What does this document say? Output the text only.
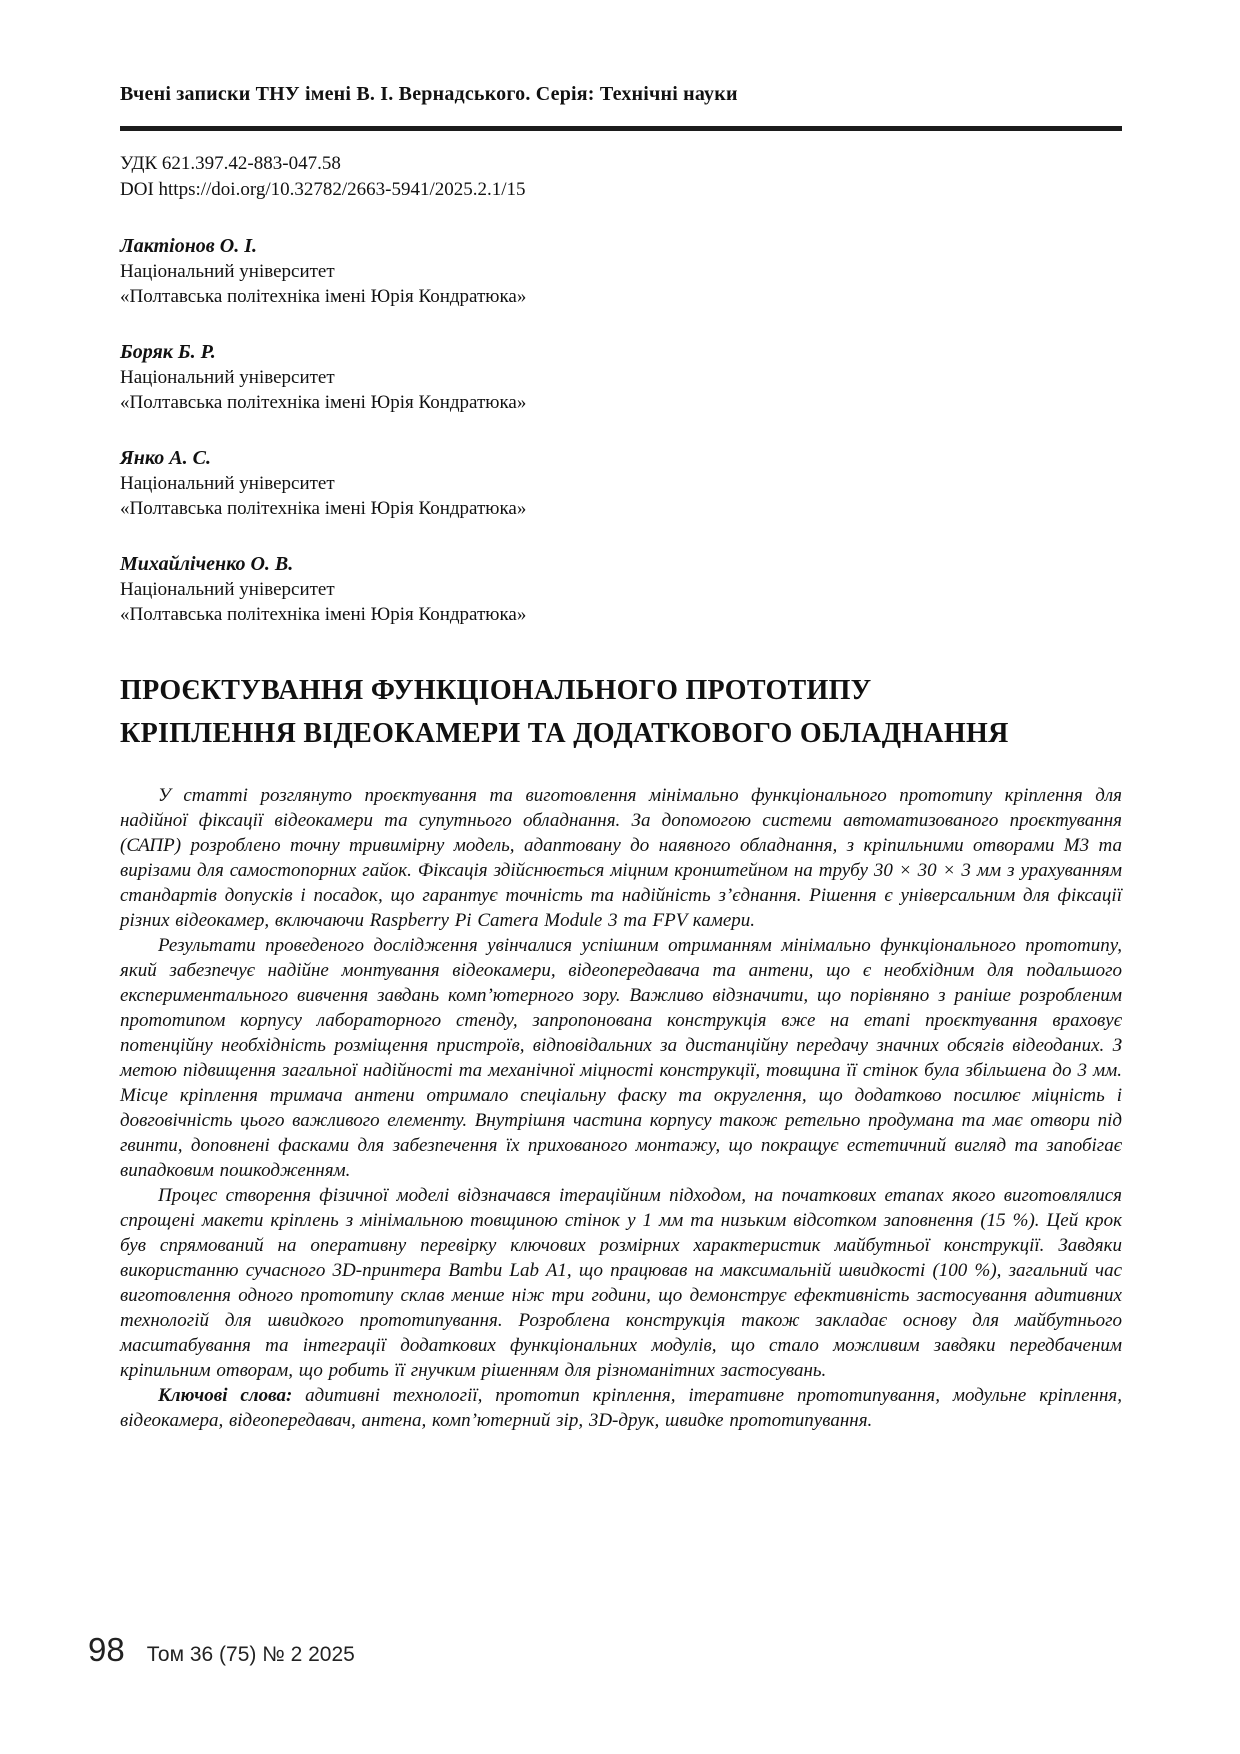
Вчені записки ТНУ імені В. І. Вернадського. Серія: Технічні науки
УДК 621.397.42-883-047.58
DOI https://doi.org/10.32782/2663-5941/2025.2.1/15
Лактіонов О. І.
Національний університет
«Полтавська політехніка імені Юрія Кондратюка»
Боряк Б. Р.
Національний університет
«Полтавська політехніка імені Юрія Кондратюка»
Янко А. С.
Національний університет
«Полтавська політехніка імені Юрія Кондратюка»
Михайліченко О. В.
Національний університет
«Полтавська політехніка імені Юрія Кондратюка»
ПРОЄКТУВАННЯ ФУНКЦІОНАЛЬНОГО ПРОТОТИПУ
КРІПЛЕННЯ ВІДЕОКАМЕРИ ТА ДОДАТКОВОГО ОБЛАДНАННЯ

У статті розглянуто проєктування та виготовлення мінімально функціонального прототипу кріплення для надійної фіксації відеокамери та супутнього обладнання. За допомогою системи автоматизованого проєктування (САПР) розроблено точну тривимірну модель, адаптовану до наявного обладнання, з кріпильними отворами М3 та вирізами для самостопорних гайок. Фіксація здійснюється міцним кронштейном на трубу 30 × 30 × 3 мм з урахуванням стандартів допусків і посадок, що гарантує точність та надійність з’єднання. Рішення є універсальним для фіксації різних відеокамер, включаючи Raspberry Pi Camera Module 3 та FPV камери.

Результати проведеного дослідження увінчалися успішним отриманням мінімально функціонального прототипу, який забезпечує надійне монтування відеокамери, відеопередавача та антени, що є необхідним для подальшого експериментального вивчення завдань комп’ютерного зору. Важливо відзначити, що порівняно з раніше розробленим прототипом корпусу лабораторного стенду, запропонована конструкція вже на етапі проєктування враховує потенційну необхідність розміщення пристроїв, відповідальних за дистанційну передачу значних обсягів відеоданих. З метою підвищення загальної надійності та механічної міцності конструкції, товщина її стінок була збільшена до 3 мм. Місце кріплення тримача антени отримало спеціальну фаску та округлення, що додатково посилює міцність і довговічність цього важливого елементу. Внутрішня частина корпусу також ретельно продумана та має отвори під гвинти, доповнені фасками для забезпечення їх прихованого монтажу, що покращує естетичний вигляд та запобігає випадковим пошкодженням.

Процес створення фізичної моделі відзначався ітераційним підходом, на початкових етапах якого виготовлялися спрощені макети кріплень з мінімальною товщиною стінок у 1 мм та низьким відсотком заповнення (15 %). Цей крок був спрямований на оперативну перевірку ключових розмірних характеристик майбутньої конструкції. Завдяки використанню сучасного 3D-принтера Bambu Lab A1, що працював на максимальній швидкості (100 %), загальний час виготовлення одного прототипу склав менше ніж три години, що демонструє ефективність застосування адитивних технологій для швидкого прототипування. Розроблена конструкція також закладає основу для майбутнього масштабування та інтеграції додаткових функціональних модулів, що стало можливим завдяки передбаченим кріпильним отворам, що робить її гнучким рішенням для різноманітних застосувань.

Ключові слова: адитивні технології, прототип кріплення, ітеративне прототипування, модульне кріплення, відеокамера, відеопередавач, антена, комп’ютерний зір, 3D-друк, швидке прототипування.

98 Том 36 (75) № 2 2025
